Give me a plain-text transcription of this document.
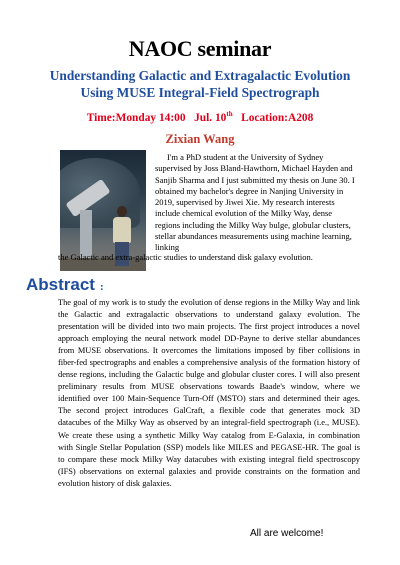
NAOC seminar
Understanding Galactic and Extragalactic Evolution
Using MUSE Integral-Field Spectrograph
Time:Monday 14:00 Jul. 10th Location:A208
Zixian Wang
I'm a PhD student at the University of Sydney supervised by Joss Bland-Hawthorn, Michael Hayden and Sanjib Sharma and I just submitted my thesis on June 30. I obtained my bachelor's degree in Nanjing University in 2019, supervised by Jiwei Xie. My research interests include chemical evolution of the Milky Way, dense regions including the Milky Way bulge, globular clusters, stellar abundances measurements using machine learning, linking
the Galactic and extra-galactic studies to understand disk galaxy evolution.
Abstract :
The goal of my work is to study the evolution of dense regions in the Milky Way and link the Galactic and extragalactic observations to understand galaxy evolution. The presentation will be divided into two main projects. The first project introduces a novel approach employing the neural network model DD-Payne to derive stellar abundances from MUSE observations. It overcomes the limitations imposed by fiber collisions in fiber-fed spectrographs and enables a comprehensive analysis of the formation history of dense regions, including the Galactic bulge and globular cluster cores. I will also present preliminary results from MUSE observations towards Baade's window, where we identified over 100 Main-Sequence Turn-Off (MSTO) stars and determined their ages. The second project introduces GalCraft, a flexible code that generates mock 3D datacubes of the Milky Way as observed by an integral-field spectrograph (i.e., MUSE). We create these using a synthetic Milky Way catalog from E-Galaxia, in combination with Single Stellar Population (SSP) models like MILES and PEGASE-HR. The goal is to compare these mock Milky Way datacubes with existing integral field spectroscopy (IFS) observations on external galaxies and provide constraints on the formation and evolution history of disk galaxies.
All are welcome!
